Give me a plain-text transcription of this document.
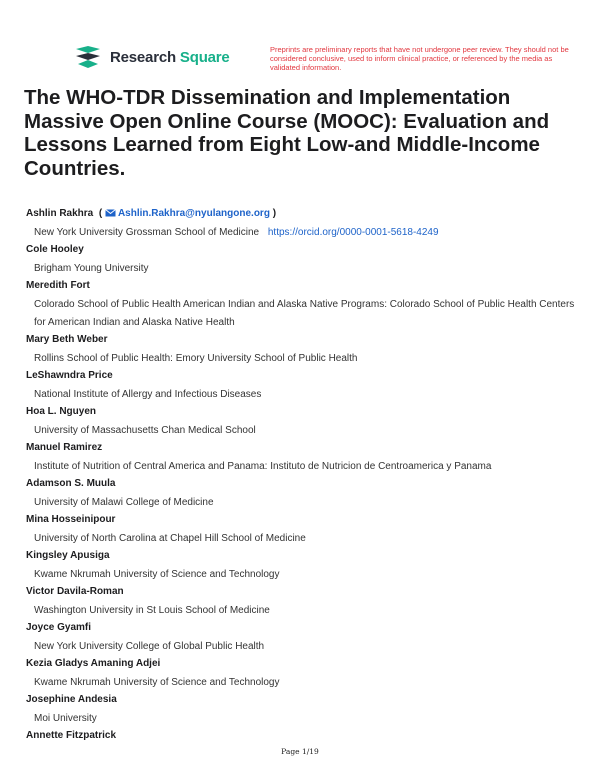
Research Square	Preprints are preliminary reports that have not undergone peer review. They should not be considered conclusive, used to inform clinical practice, or referenced by the media as validated information.
The WHO-TDR Dissemination and Implementation Massive Open Online Course (MOOC): Evaluation and Lessons Learned from Eight Low-and Middle-Income Countries.
Ashlin Rakhra ( Ashlin.Rakhra@nyulangone.org )
New York University Grossman School of Medicine https://orcid.org/0000-0001-5618-4249
Cole Hooley
Brigham Young University
Meredith Fort
Colorado School of Public Health American Indian and Alaska Native Programs: Colorado School of Public Health Centers for American Indian and Alaska Native Health
Mary Beth Weber
Rollins School of Public Health: Emory University School of Public Health
LeShawndra Price
National Institute of Allergy and Infectious Diseases
Hoa L. Nguyen
University of Massachusetts Chan Medical School
Manuel Ramirez
Institute of Nutrition of Central America and Panama: Instituto de Nutricion de Centroamerica y Panama
Adamson S. Muula
University of Malawi College of Medicine
Mina Hosseinipour
University of North Carolina at Chapel Hill School of Medicine
Kingsley Apusiga
Kwame Nkrumah University of Science and Technology
Victor Davila-Roman
Washington University in St Louis School of Medicine
Joyce Gyamfi
New York University College of Global Public Health
Kezia Gladys Amaning Adjei
Kwame Nkrumah University of Science and Technology
Josephine Andesia
Moi University
Annette Fitzpatrick
Page 1/19
